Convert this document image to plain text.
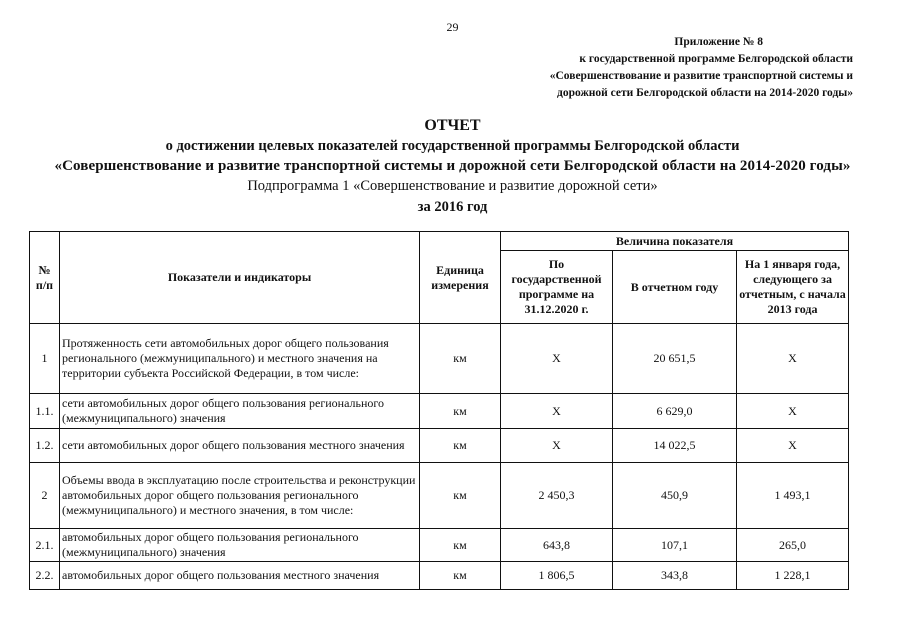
29
Приложение № 8
к государственной программе Белгородской области
«Совершенствование и развитие транспортной системы и
дорожной сети Белгородской области на 2014-2020 годы»
ОТЧЕТ
о достижении целевых показателей государственной программы Белгородской области
«Совершенствование и развитие транспортной системы и дорожной сети Белгородской области на 2014-2020 годы»
Подпрограмма 1 «Совершенствование и развитие дорожной сети»
за 2016 год
№ п/п	Показатели и индикаторы	Единица измерения	Величина показателя		
			По государственной программе на 31.12.2020 г.	В отчетном году	На 1 января года, следующего за отчетным, с начала 2013 года
1	Протяженность сети автомобильных дорог общего пользования регионального (межмуниципального) и местного значения на территории субъекта Российской Федерации, в том числе:	км	Х	20 651,5	Х
1.1.	сети автомобильных дорог общего пользования регионального (межмуниципального) значения	км	Х	6 629,0	Х
1.2.	сети автомобильных дорог общего пользования местного значения	км	Х	14 022,5	Х
2	Объемы ввода в эксплуатацию после строительства и реконструкции автомобильных дорог общего пользования регионального (межмуниципального) и местного значения, в том числе:	км	2 450,3	450,9	1 493,1
2.1.	автомобильных дорог общего пользования регионального (межмуниципального) значения	км	643,8	107,1	265,0
2.2.	автомобильных дорог общего пользования местного значения	км	1 806,5	343,8	1 228,1
